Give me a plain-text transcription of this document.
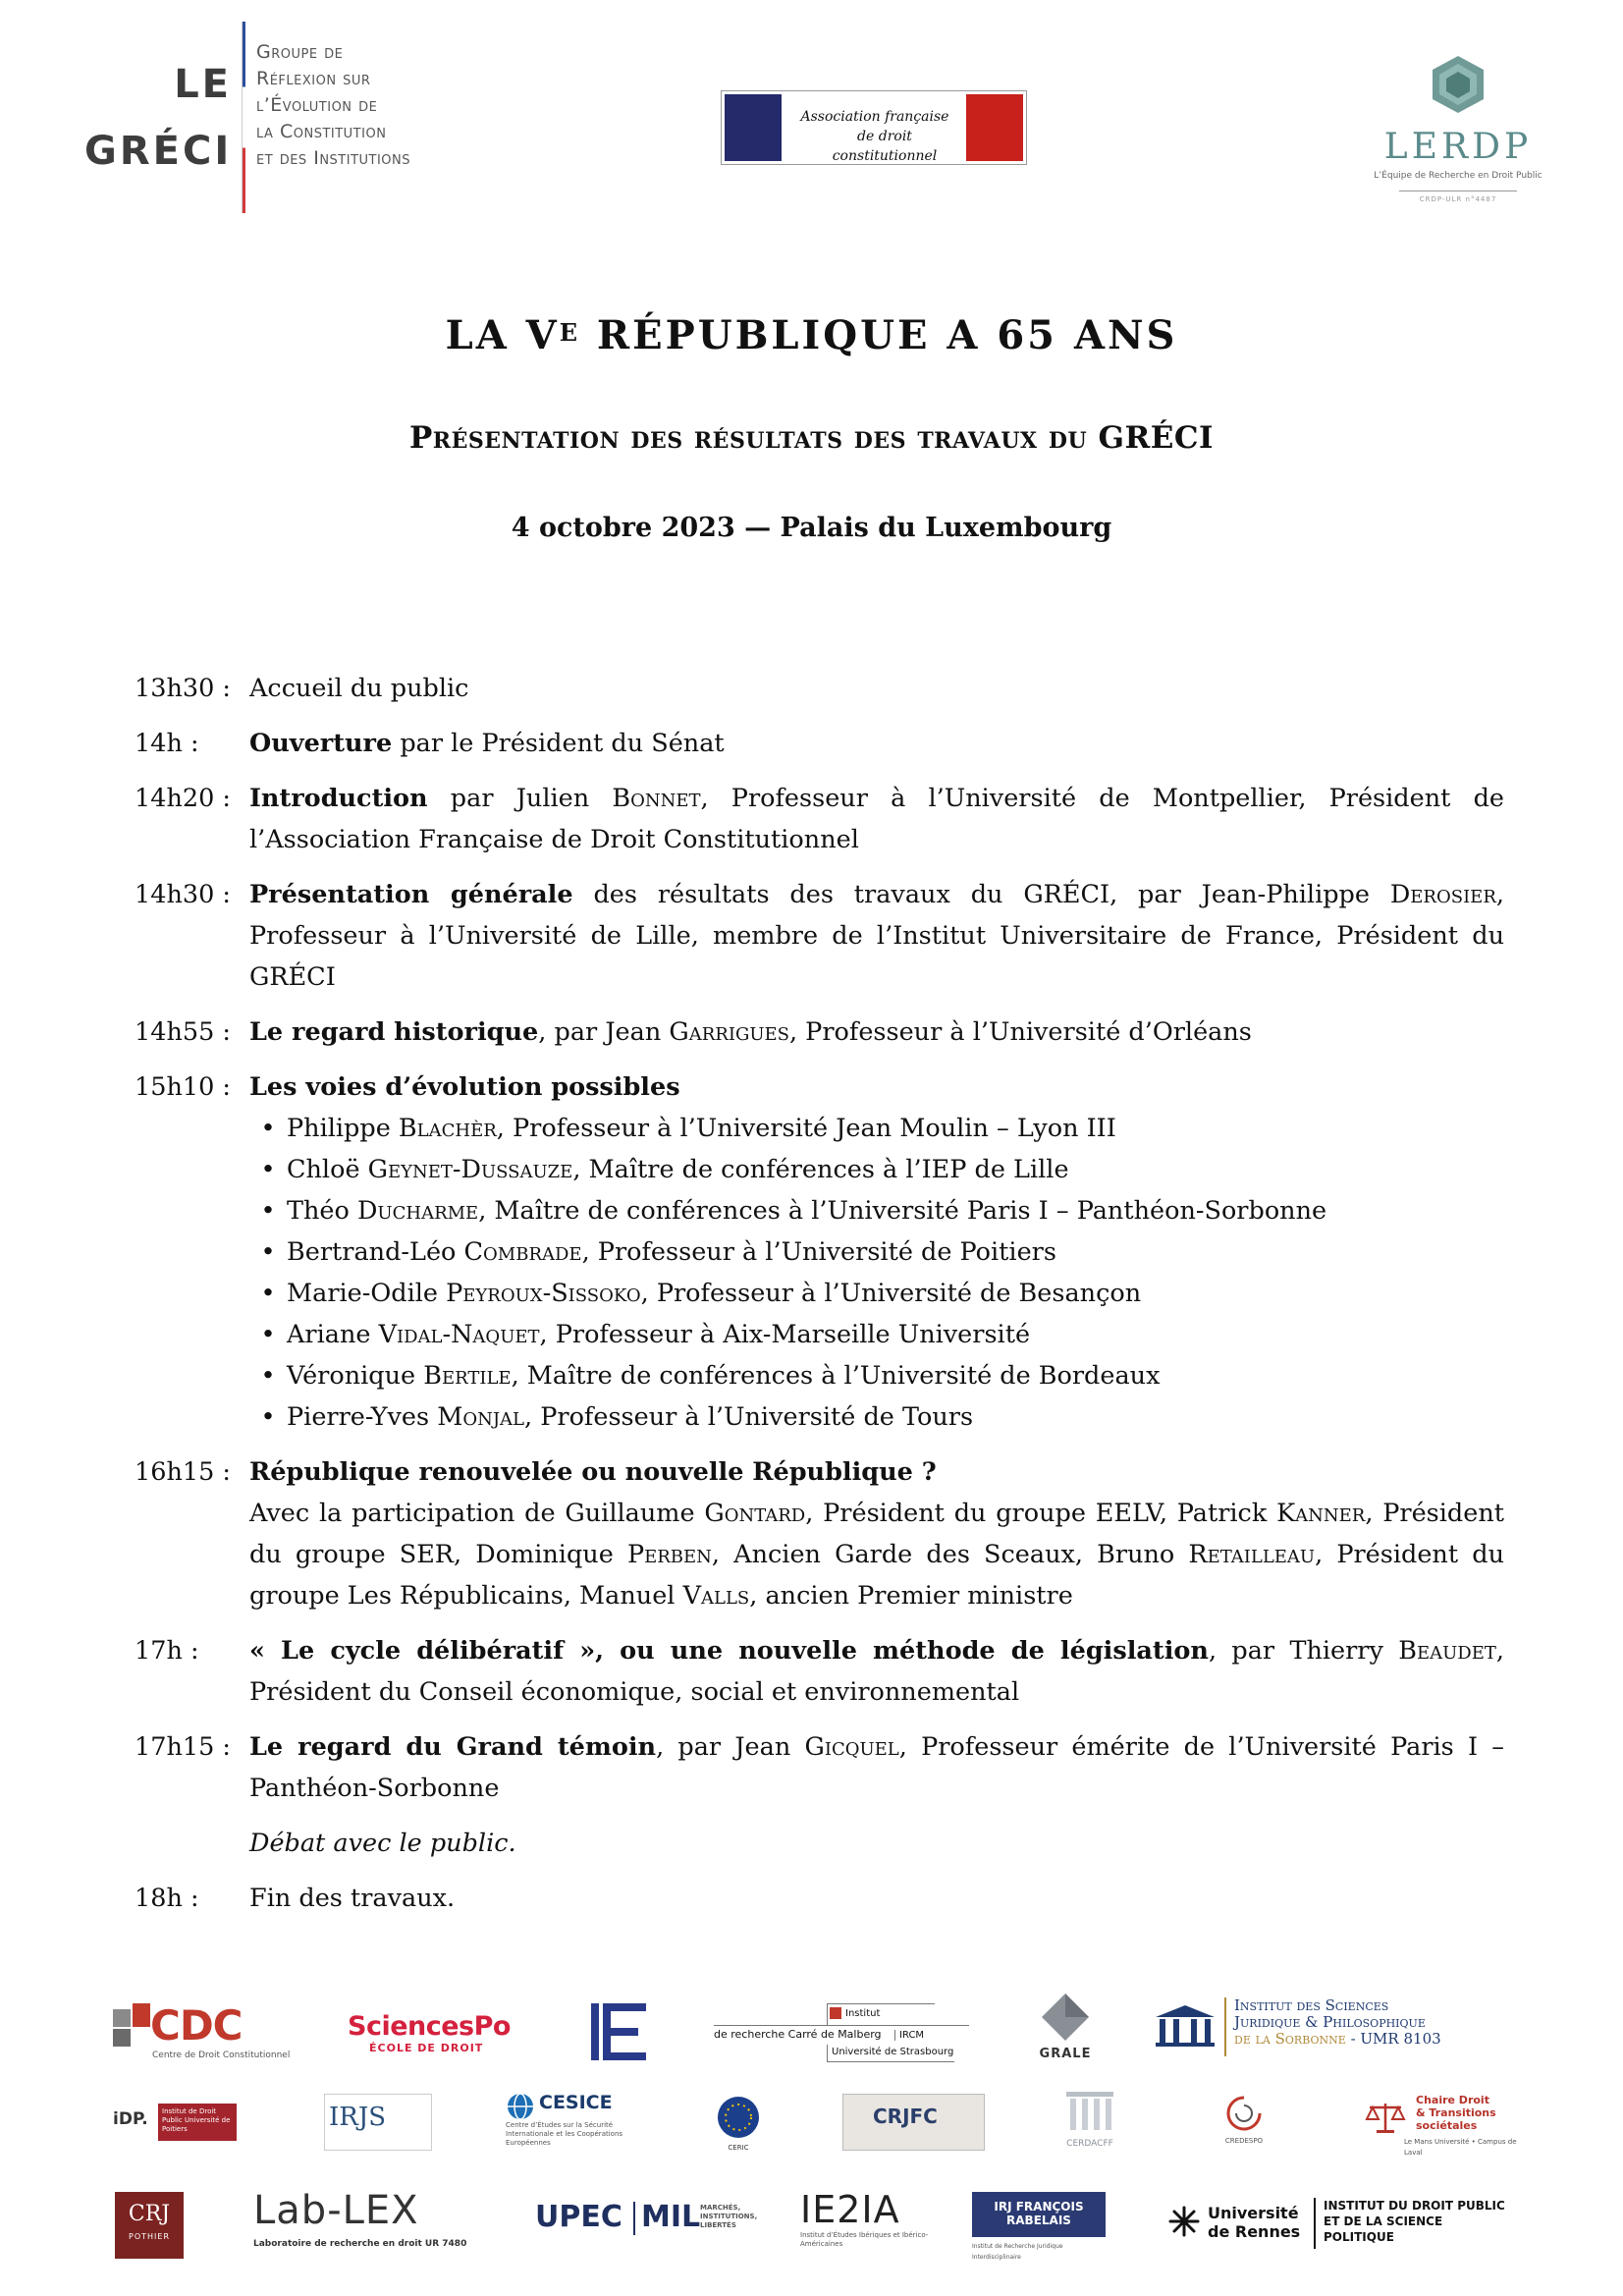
LE
GRÉCI
Groupe de
Réflexion sur
l’Évolution de
la Constitution
et des Institutions
Association française
de droit constitutionnel	LERDP
L’Équipe de Recherche en Droit Public
CRDP-ULR n°4487
LA $V^E$ RÉPUBLIQUE A 65 ANS
Présentation des résultats des travaux du GRÉCI
4 octobre 2023 — Palais du Luxembourg
13h30 : Accueil du public
14h :	Ouverture par le Président du Sénat
14h20 : Introduction par Julien Bonnet, Professeur à l’Université de Montpellier, Président de l’Association Française de Droit Constitutionnel
14h30 : Présentation générale des résultats des travaux du GRÉCI, par Jean-Philippe Derosier, Professeur à l’Université de Lille, membre de l’Institut Universitaire de France, Président du GRÉCI
14h55 : Le regard historique, par Jean Garrigues, Professeur à l’Université d’Orléans
15h10 : Les voies d’évolution possibles
• Philippe Blachèr, Professeur à l’Université Jean Moulin – Lyon III
• Chloë Geynet-Dussauze, Maître de conférences à l’IEP de Lille
• Théo Ducharme, Maître de conférences à l’Université Paris I – Panthéon-Sorbonne
• Bertrand-Léo Combrade, Professeur à l’Université de Poitiers
• Marie-Odile Peyroux-Sissoko, Professeur à l’Université de Besançon
• Ariane Vidal-Naquet, Professeur à Aix-Marseille Université
• Véronique Bertile, Maître de conférences à l’Université de Bordeaux
• Pierre-Yves Monjal, Professeur à l’Université de Tours
16h15 : République renouvelée ou nouvelle République ?
Avec la participation de Guillaume Gontard, Président du groupe EELV, Patrick Kanner, Président du groupe SER, Dominique Perben, Ancien Garde des Sceaux, Bruno Retailleau, Président du groupe Les Républicains, Manuel Valls, ancien Premier ministre
17h :	« Le cycle délibératif », ou une nouvelle méthode de législation, par Thierry Beaudet, Président du Conseil économique, social et environnemental
17h15 : Le regard du Grand témoin, par Jean Gicquel, Professeur émérite de l’Université Paris I – Panthéon-Sorbonne
Débat avec le public.
18h :	Fin des travaux.
CDC
Centre de Droit Constitutionnel
SciencesPo
ÉCOLE DE DROIT
Institut
de recherche Carré de Malberg IRCM
Université de Strasbourg	GRALE
Institut des Sciences
Juridique & Philosophique
de la Sorbonne - UMR 8103
iDP.	Institut de Droit Public Université de Poitiers	IRJS	CESICE
Centre d’Études sur la Sécurité Internationale et les Coopérations Européennes
CERIC
CRJFC
CERDACFF	CREDESPO
Chaire Droit
& Transitions
sociétales
Le Mans Université • Campus de Laval
CRJ
POTHIER
Lab-LEX
Laboratoire de recherche en droit UR 7480
UPEC MIL MARCHÉS, INSTITUTIONS, LIBERTÉS	IE2IA
Institut d’Études Ibériques et Ibérico-Américaines
IRJ FRANÇOIS RABELAIS
Institut de Recherche Juridique Interdisciplinaire
Université de Rennes
INSTITUT DU DROIT PUBLIC
ET DE LA SCIENCE
POLITIQUE
